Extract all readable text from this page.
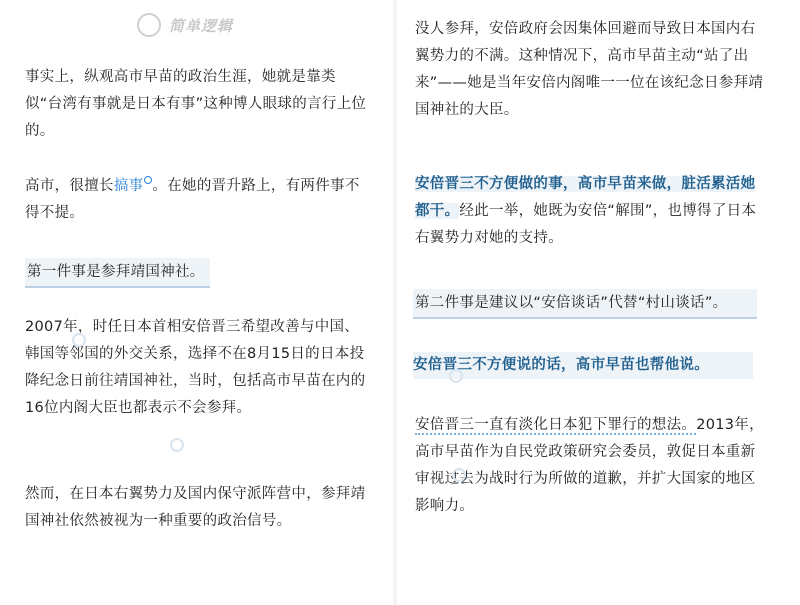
简单逻辑

事实上，纵观高市早苗的政治生涯，她就是靠类似“台湾有事就是日本有事”这种博人眼球的言行上位的。

高市，很擅长搞事 。在她的晋升路上，有两件事不得不提。

第一件事是参拜靖国神社。

2007年，时任日本首相安倍晋三希望改善与中国、韩国等邻国的外交关系，选择不在8月15日的日本投降纪念日前往靖国神社，当时，包括高市早苗在内的16位内阁大臣也都表示不会参拜。

然而，在日本右翼势力及国内保守派阵营中，参拜靖国神社依然被视为一种重要的政治信号。

没人参拜，安倍政府会因集体回避而导致日本国内右翼势力的不满。这种情况下，高市早苗主动“站了出来”——她是当年安倍内阁唯一一位在该纪念日参拜靖国神社的大臣。

安倍晋三不方便做的事，高市早苗来做，脏活累活她都干。经此一举，她既为安倍“解围”，也博得了日本右翼势力对她的支持。

第二件事是建议以“安倍谈话”代替“村山谈话”。

安倍晋三不方便说的话，高市早苗也帮他说。

安倍晋三一直有淡化日本犯下罪行的想法。2013年，高市早苗作为自民党政策研究会委员，敦促日本重新审视过去为战时行为所做的道歉，并扩大国家的地区影响力。
